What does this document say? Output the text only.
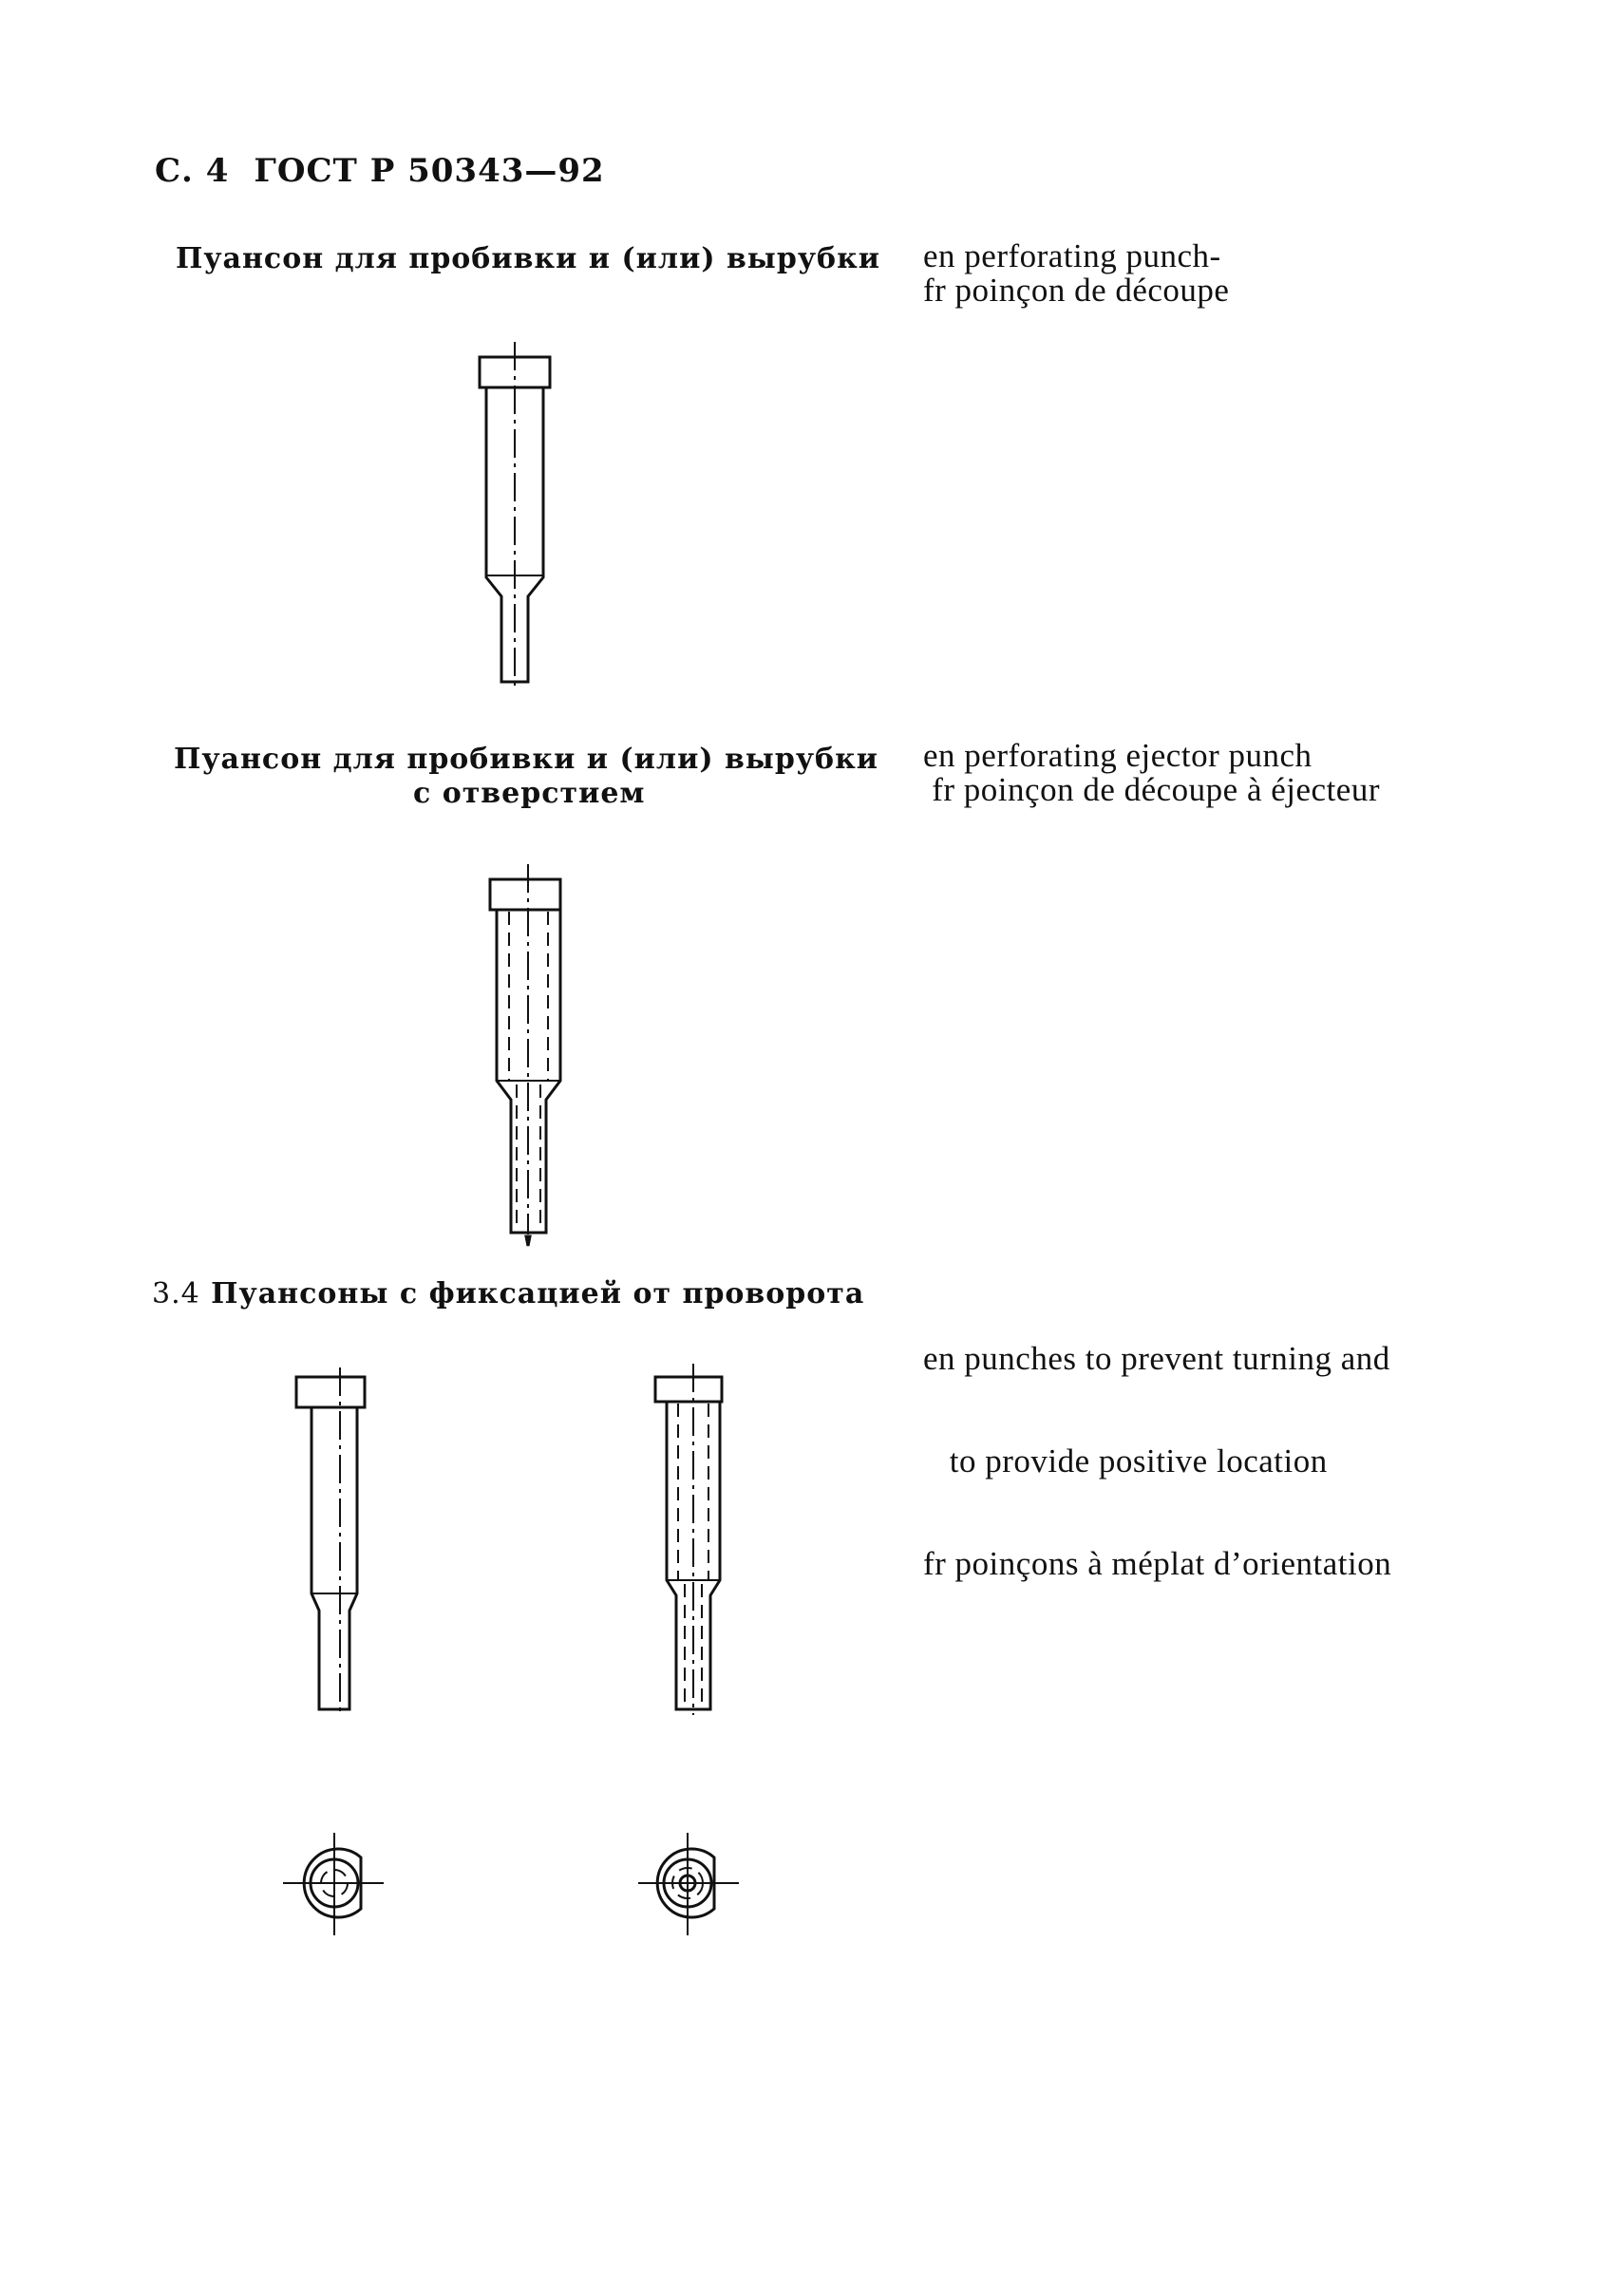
С. 4 ГОСТ Р 50343—92
Пуансон для пробивки и (или) вырубки en perforating punch-
fr poinçon de découpe
Пуансон для пробивки и (или) вырубки
с отверстием
en perforating ejector punch
fr poinçon de découpe à éjecteur
3.4 Пуансоны с фиксацией от проворота

en punches to prevent turning and

to provide positive location

fr poinçons à méplat d’orientation
